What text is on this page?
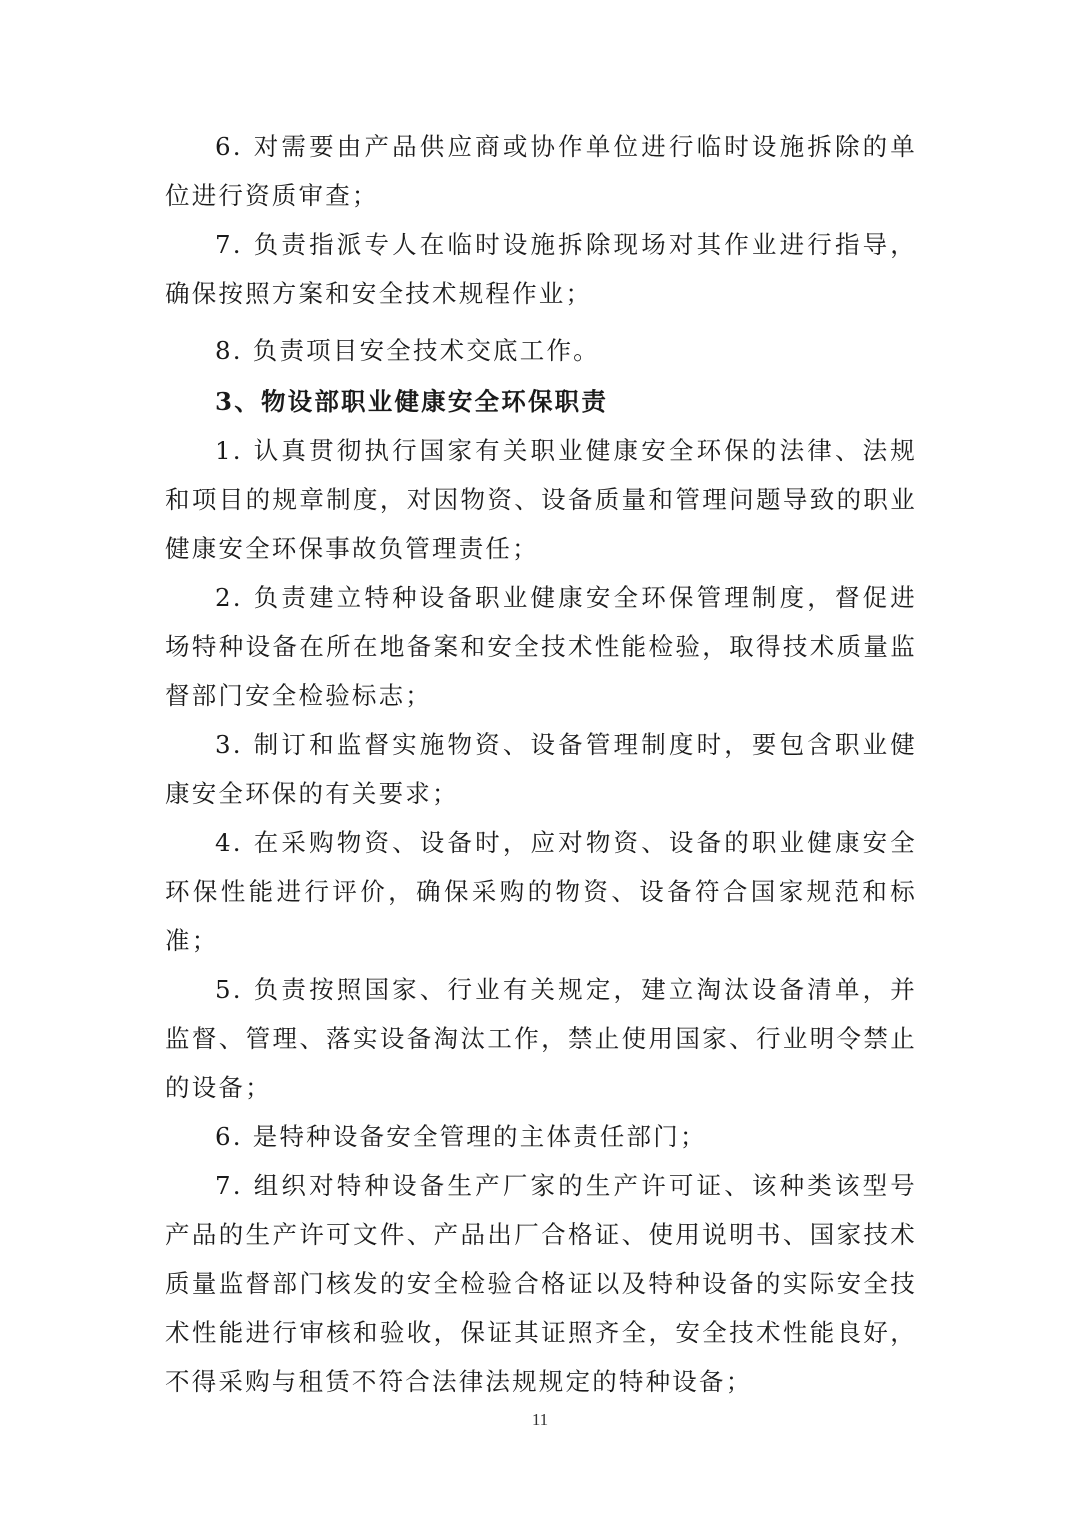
6. 对需要由产品供应商或协作单位进行临时设施拆除的单位进行资质审查；

7. 负责指派专人在临时设施拆除现场对其作业进行指导，确保按照方案和安全技术规程作业；

8. 负责项目安全技术交底工作。

3、物设部职业健康安全环保职责

1. 认真贯彻执行国家有关职业健康安全环保的法律、法规和项目的规章制度，对因物资、设备质量和管理问题导致的职业健康安全环保事故负管理责任；

2. 负责建立特种设备职业健康安全环保管理制度，督促进场特种设备在所在地备案和安全技术性能检验，取得技术质量监督部门安全检验标志；

3. 制订和监督实施物资、设备管理制度时，要包含职业健康安全环保的有关要求；

4. 在采购物资、设备时，应对物资、设备的职业健康安全环保性能进行评价，确保采购的物资、设备符合国家规范和标准；

5. 负责按照国家、行业有关规定，建立淘汰设备清单，并监督、管理、落实设备淘汰工作，禁止使用国家、行业明令禁止的设备；

6. 是特种设备安全管理的主体责任部门；

7. 组织对特种设备生产厂家的生产许可证、该种类该型号产品的生产许可文件、产品出厂合格证、使用说明书、国家技术质量监督部门核发的安全检验合格证以及特种设备的实际安全技术性能进行审核和验收，保证其证照齐全，安全技术性能良好，不得采购与租赁不符合法律法规规定的特种设备；

11
